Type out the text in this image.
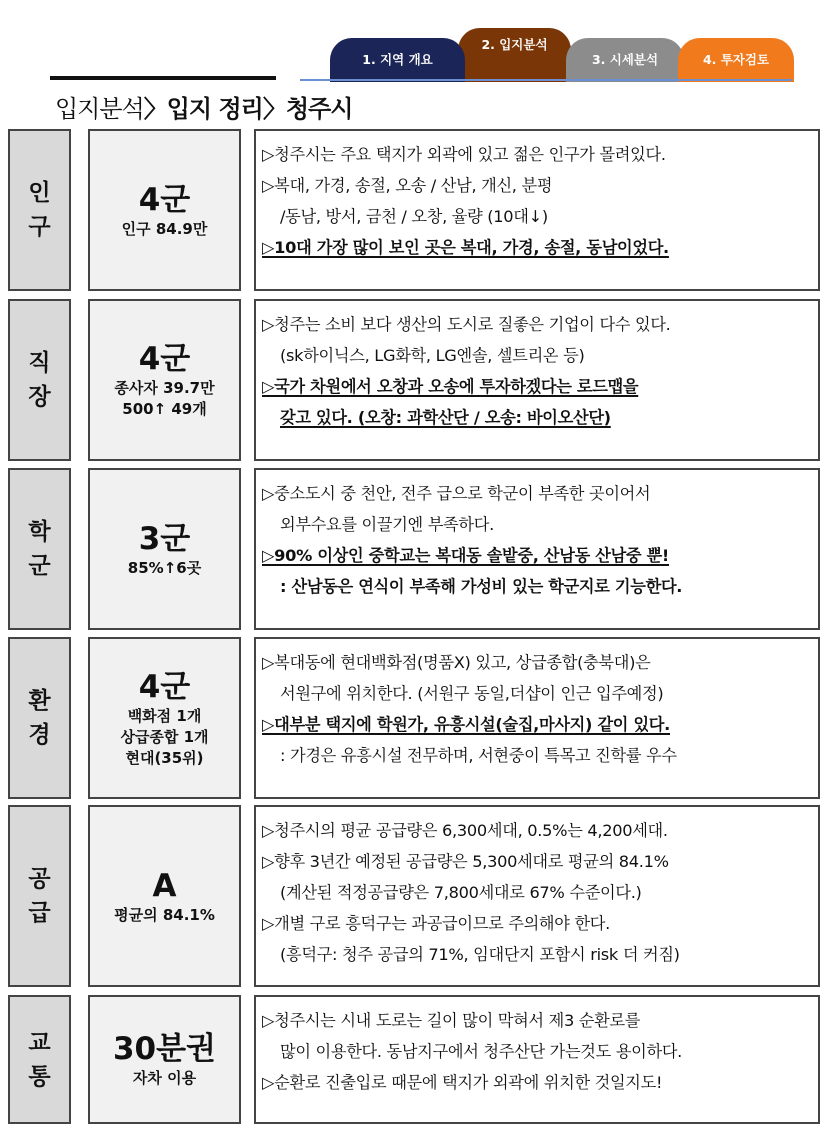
2. 입지분석
1. 지역 개요	3. 시세분석	4. 투자검토
입지분석〉입지 정리〉청주시
인
구
4군
인구 84.9만
▷청주시는 주요 택지가 외곽에 있고 젊은 인구가 몰려있다.
▷복대, 가경, 송절, 오송 / 산남, 개신, 분평
/동남, 방서, 금천 / 오창, 율량 (10대↓)
▷10대 가장 많이 보인 곳은 복대, 가경, 송절, 동남이었다.
직
장
4군
종사자 39.7만
500↑ 49개
▷청주는 소비 보다 생산의 도시로 질좋은 기업이 다수 있다.
(sk하이닉스, LG화학, LG엔솔, 셀트리온 등)
▷국가 차원에서 오창과 오송에 투자하겠다는 로드맵을
갖고 있다. (오창: 과학산단 / 오송: 바이오산단)
학
군
3군
85%↑6곳
▷중소도시 중 천안, 전주 급으로 학군이 부족한 곳이어서
외부수요를 이끌기엔 부족하다.
▷90% 이상인 중학교는 복대동 솔밭중, 산남동 산남중 뿐!
: 산남동은 연식이 부족해 가성비 있는 학군지로 기능한다.
환
경
4군
백화점 1개
상급종합 1개
현대(35위)
▷복대동에 현대백화점(명품X) 있고, 상급종합(충북대)은
서원구에 위치한다. (서원구 동일,더샵이 인근 입주예정)
▷대부분 택지에 학원가, 유흥시설(술집,마사지) 같이 있다.
: 가경은 유흥시설 전무하며, 서현중이 특목고 진학률 우수
공
급
A
평균의 84.1%
▷청주시의 평균 공급량은 6,300세대, 0.5%는 4,200세대.
▷향후 3년간 예정된 공급량은 5,300세대로 평균의 84.1%
(계산된 적정공급량은 7,800세대로 67% 수준이다.)
▷개별 구로 흥덕구는 과공급이므로 주의해야 한다.
(흥덕구: 청주 공급의 71%, 임대단지 포함시 risk 더 커짐)
교
통
30분권
자차 이용
▷청주시는 시내 도로는 길이 많이 막혀서 제3 순환로를
많이 이용한다. 동남지구에서 청주산단 가는것도 용이하다.
▷순환로 진출입로 때문에 택지가 외곽에 위치한 것일지도!
